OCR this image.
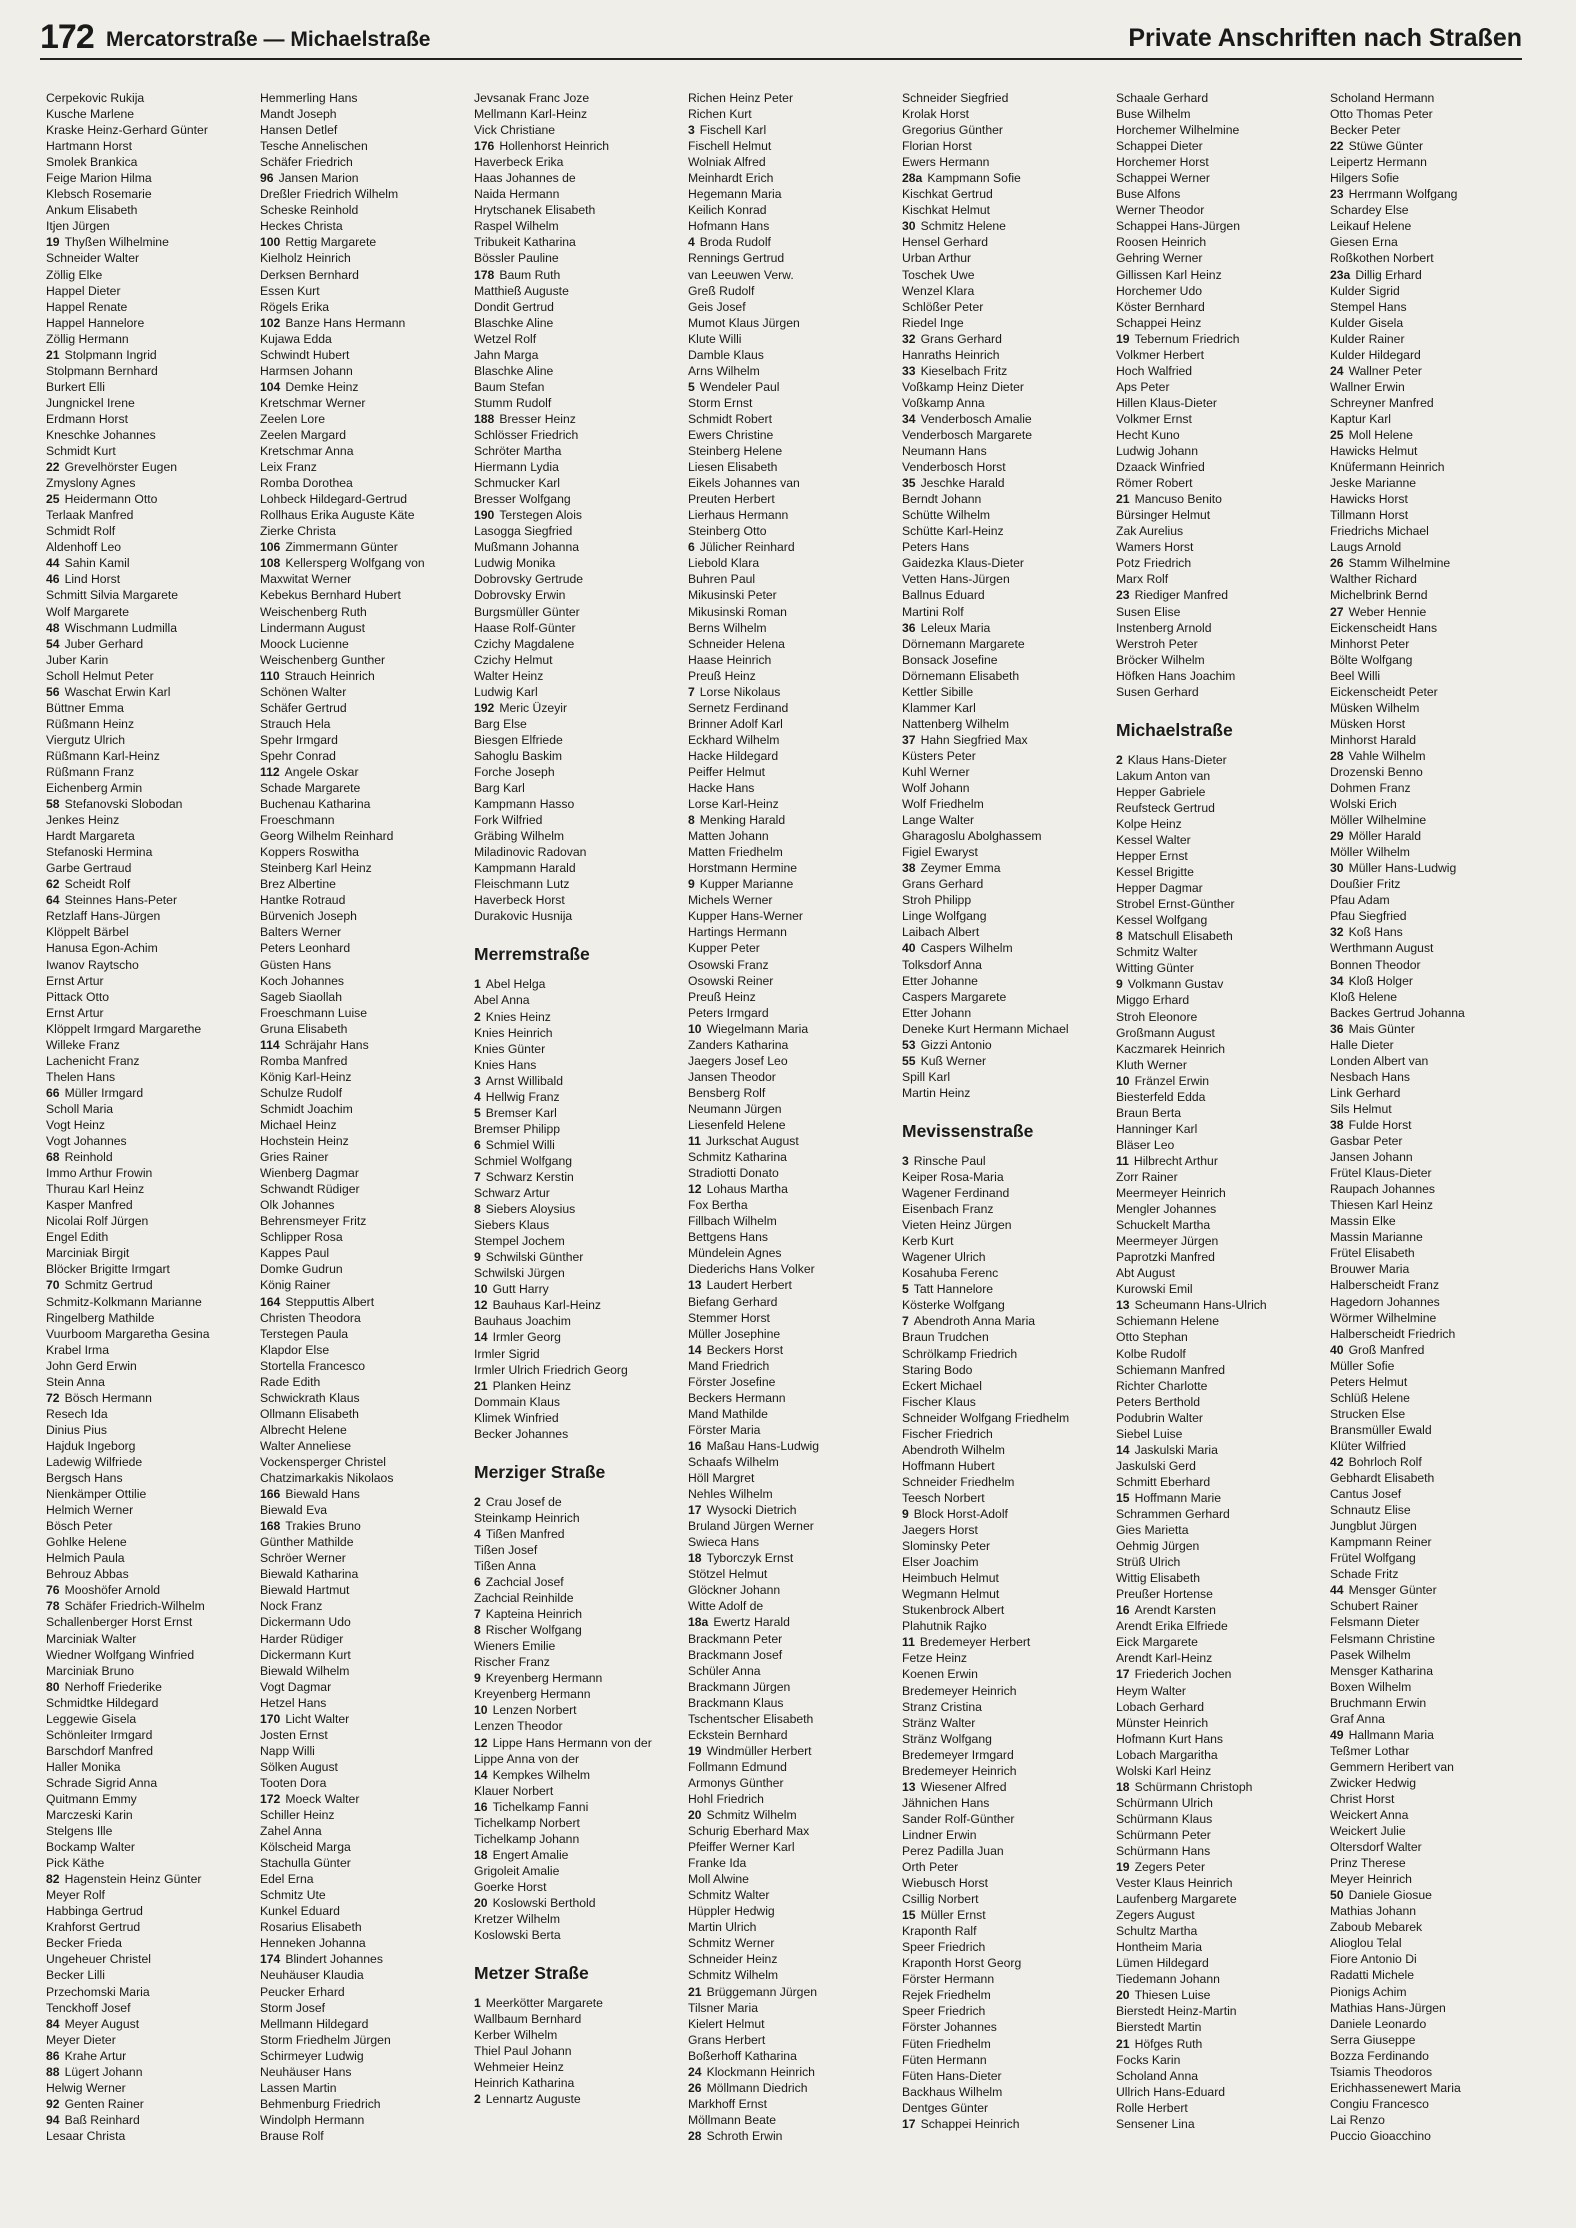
172 Mercatorstraße — Michaelstraße	Private Anschriften nach Straßen
Cerpekovic Rukija
Kusche Marlene
Kraske Heinz-Gerhard Günter
Hartmann Horst
Smolek Brankica
Feige Marion Hilma
Klebsch Rosemarie
Ankum Elisabeth
Itjen Jürgen
19 Thyßen Wilhelmine
Schneider Walter
Zöllig Elke
Happel Dieter
Happel Renate
Happel Hannelore
Zöllig Hermann
21 Stolpmann Ingrid
Stolpmann Bernhard
Burkert Elli
Jungnickel Irene
Erdmann Horst
Kneschke Johannes
Schmidt Kurt
22 Grevelhörster Eugen
Zmyslony Agnes
25 Heidermann Otto
Terlaak Manfred
Schmidt Rolf
Aldenhoff Leo
44 Sahin Kamil
46 Lind Horst
Schmitt Silvia Margarete
Wolf Margarete
48 Wischmann Ludmilla
54 Juber Gerhard
Juber Karin
Scholl Helmut Peter
56 Waschat Erwin Karl
Büttner Emma
Rüßmann Heinz
Viergutz Ulrich
Rüßmann Karl-Heinz
Rüßmann Franz
Eichenberg Armin
58 Stefanovski Slobodan
Jenkes Heinz
Hardt Margareta
Stefanoski Hermina
Garbe Gertraud
62 Scheidt Rolf
64 Steinnes Hans-Peter
Retzlaff Hans-Jürgen
Klöppelt Bärbel
Hanusa Egon-Achim
Iwanov Raytscho
Ernst Artur
Pittack Otto
Ernst Artur
Klöppelt Irmgard Margarethe
Willeke Franz
Lachenicht Franz
Thelen Hans
66 Müller Irmgard
Scholl Maria
Vogt Heinz
Vogt Johannes
68 Reinhold
Immo Arthur Frowin
Thurau Karl Heinz
Kasper Manfred
Nicolai Rolf Jürgen
Engel Edith
Marciniak Birgit
Blöcker Brigitte Irmgart
70 Schmitz Gertrud
Schmitz-Kolkmann Marianne
Ringelberg Mathilde
Vuurboom Margaretha Gesina
Krabel Irma
John Gerd Erwin
Stein Anna
72 Bösch Hermann
Resech Ida
Dinius Pius
Hajduk Ingeborg
Ladewig Wilfriede
Bergsch Hans
Nienkämper Ottilie
Helmich Werner
Bösch Peter
Gohlke Helene
Helmich Paula
Behrouz Abbas
76 Mooshöfer Arnold
78 Schäfer Friedrich-Wilhelm
Schallenberger Horst Ernst
Marciniak Walter
Wiedner Wolfgang Winfried
Marciniak Bruno
80 Nerhoff Friederike
Schmidtke Hildegard
Leggewie Gisela
Schönleiter Irmgard
Barschdorf Manfred
Haller Monika
Schrade Sigrid Anna
Quitmann Emmy
Marczeski Karin
Stelgens Ille
Bockamp Walter
Pick Käthe
82 Hagenstein Heinz Günter
Meyer Rolf
Habbinga Gertrud
Krahforst Gertrud
Becker Frieda
Ungeheuer Christel
Becker Lilli
Przechomski Maria
Tenckhoff Josef
84 Meyer August
Meyer Dieter
86 Krahe Artur
88 Lügert Johann
Helwig Werner
92 Genten Rainer
94 Baß Reinhard
Lesaar Christa
Hemmerling Hans
Mandt Joseph
Hansen Detlef
Tesche Annelischen
Schäfer Friedrich
96 Jansen Marion
Dreßler Friedrich Wilhelm
Scheske Reinhold
Heckes Christa
100 Rettig Margarete
Kielholz Heinrich
Derksen Bernhard
Essen Kurt
Rögels Erika
102 Banze Hans Hermann
Kujawa Edda
Schwindt Hubert
Harmsen Johann
104 Demke Heinz
Kretschmar Werner
Zeelen Lore
Zeelen Margard
Kretschmar Anna
Leix Franz
Romba Dorothea
Lohbeck Hildegard-Gertrud
Rollhaus Erika Auguste Käte
Zierke Christa
106 Zimmermann Günter
108 Kellersperg Wolfgang von
Maxwitat Werner
Kebekus Bernhard Hubert
Weischenberg Ruth
Lindermann August
Moock Lucienne
Weischenberg Gunther
110 Strauch Heinrich
Schönen Walter
Schäfer Gertrud
Strauch Hela
Spehr Irmgard
Spehr Conrad
112 Angele Oskar
Schade Margarete
Buchenau Katharina
Froeschmann
Georg Wilhelm Reinhard
Koppers Roswitha
Steinberg Karl Heinz
Brez Albertine
Hantke Rotraud
Bürvenich Joseph
Balters Werner
Peters Leonhard
Güsten Hans
Koch Johannes
Sageb Siaollah
Froeschmann Luise
Gruna Elisabeth
114 Schräjahr Hans
Romba Manfred
König Karl-Heinz
Schulze Rudolf
Schmidt Joachim
Michael Heinz
Hochstein Heinz
Gries Rainer
Wienberg Dagmar
Schwandt Rüdiger
Olk Johannes
Behrensmeyer Fritz
Schlipper Rosa
Kappes Paul
Domke Gudrun
König Rainer
164 Stepputtis Albert
Christen Theodora
Terstegen Paula
Klapdor Else
Stortella Francesco
Rade Edith
Schwickrath Klaus
Ollmann Elisabeth
Albrecht Helene
Walter Anneliese
Vockensperger Christel
Chatzimarkakis Nikolaos
166 Biewald Hans
Biewald Eva
168 Trakies Bruno
Günther Mathilde
Schröer Werner
Biewald Katharina
Biewald Hartmut
Nock Franz
Dickermann Udo
Harder Rüdiger
Dickermann Kurt
Biewald Wilhelm
Vogt Dagmar
Hetzel Hans
170 Licht Walter
Josten Ernst
Napp Willi
Sölken August
Tooten Dora
172 Moeck Walter
Schiller Heinz
Zahel Anna
Kölscheid Marga
Stachulla Günter
Edel Erna
Schmitz Ute
Kunkel Eduard
Rosarius Elisabeth
Henneken Johanna
174 Blindert Johannes
Neuhäuser Klaudia
Peucker Erhard
Storm Josef
Mellmann Hildegard
Storm Friedhelm Jürgen
Schirmeyer Ludwig
Neuhäuser Hans
Lassen Martin
Behmenburg Friedrich
Windolph Hermann
Brause Rolf
Jevsanak Franc Joze
Mellmann Karl-Heinz
Vick Christiane
176 Hollenhorst Heinrich
Haverbeck Erika
Haas Johannes de
Naida Hermann
Hrytschanek Elisabeth
Raspel Wilhelm
Tribukeit Katharina
Bössler Pauline
178 Baum Ruth
Matthieß Auguste
Dondit Gertrud
Blaschke Aline
Wetzel Rolf
Jahn Marga
Blaschke Aline
Baum Stefan
Stumm Rudolf
188 Bresser Heinz
Schlösser Friedrich
Schröter Martha
Hiermann Lydia
Schmucker Karl
Bresser Wolfgang
190 Terstegen Alois
Lasogga Siegfried
Mußmann Johanna
Ludwig Monika
Dobrovsky Gertrude
Dobrovsky Erwin
Burgsmüller Günter
Haase Rolf-Günter
Czichy Magdalene
Czichy Helmut
Walter Heinz
Ludwig Karl
192 Meric Üzeyir
Barg Else
Biesgen Elfriede
Sahoglu Baskim
Forche Joseph
Barg Karl
Kampmann Hasso
Fork Wilfried
Gräbing Wilhelm
Miladinovic Radovan
Kampmann Harald
Fleischmann Lutz
Haverbeck Horst
Durakovic Husnija
Merremstraße
1 Abel Helga
Abel Anna
2 Knies Heinz
Knies Heinrich
Knies Günter
Knies Hans
3 Arnst Willibald
4 Hellwig Franz
5 Bremser Karl
Bremser Philipp
6 Schmiel Willi
Schmiel Wolfgang
7 Schwarz Kerstin
Schwarz Artur
8 Siebers Aloysius
Siebers Klaus
Stempel Jochem
9 Schwilski Günther
Schwilski Jürgen
10 Gutt Harry
12 Bauhaus Karl-Heinz
Bauhaus Joachim
14 Irmler Georg
Irmler Sigrid
Irmler Ulrich Friedrich Georg
21 Planken Heinz
Dommain Klaus
Klimek Winfried
Becker Johannes
Merziger Straße
2 Crau Josef de
Steinkamp Heinrich
4 Tißen Manfred
Tißen Josef
Tißen Anna
6 Zachcial Josef
Zachcial Reinhilde
7 Kapteina Heinrich
8 Rischer Wolfgang
Wieners Emilie
Rischer Franz
9 Kreyenberg Hermann
Kreyenberg Hermann
10 Lenzen Norbert
Lenzen Theodor
12 Lippe Hans Hermann von der
Lippe Anna von der
14 Kempkes Wilhelm
Klauer Norbert
16 Tichelkamp Fanni
Tichelkamp Norbert
Tichelkamp Johann
18 Engert Amalie
Grigoleit Amalie
Goerke Horst
20 Koslowski Berthold
Kretzer Wilhelm
Koslowski Berta
Metzer Straße
1 Meerkötter Margarete
Wallbaum Bernhard
Kerber Wilhelm
Thiel Paul Johann
Wehmeier Heinz
Heinrich Katharina
2 Lennartz Auguste
Richen Heinz Peter
Richen Kurt
3 Fischell Karl
Fischell Helmut
Wolniak Alfred
Meinhardt Erich
Hegemann Maria
Keilich Konrad
Hofmann Hans
4 Broda Rudolf
Rennings Gertrud
van Leeuwen Verw.
Greß Rudolf
Geis Josef
Mumot Klaus Jürgen
Klute Willi
Damble Klaus
Arns Wilhelm
5 Wendeler Paul
Storm Ernst
Schmidt Robert
Ewers Christine
Steinberg Helene
Liesen Elisabeth
Eikels Johannes van
Preuten Herbert
Lierhaus Hermann
Steinberg Otto
6 Jülicher Reinhard
Liebold Klara
Buhren Paul
Mikusinski Peter
Mikusinski Roman
Berns Wilhelm
Schneider Helena
Haase Heinrich
Preuß Heinz
7 Lorse Nikolaus
Sernetz Ferdinand
Brinner Adolf Karl
Eckhard Wilhelm
Hacke Hildegard
Peiffer Helmut
Hacke Hans
Lorse Karl-Heinz
8 Menking Harald
Matten Johann
Matten Friedhelm
Horstmann Hermine
9 Kupper Marianne
Michels Werner
Kupper Hans-Werner
Hartings Hermann
Kupper Peter
Osowski Franz
Osowski Reiner
Preuß Heinz
Peters Irmgard
10 Wiegelmann Maria
Zanders Katharina
Jaegers Josef Leo
Jansen Theodor
Bensberg Rolf
Neumann Jürgen
Liesenfeld Helene
11 Jurkschat August
Schmitz Katharina
Stradiotti Donato
12 Lohaus Martha
Fox Bertha
Fillbach Wilhelm
Bettgens Hans
Mündelein Agnes
Diederichs Hans Volker
13 Laudert Herbert
Biefang Gerhard
Stemmer Horst
Müller Josephine
14 Beckers Horst
Mand Friedrich
Förster Josefine
Beckers Hermann
Mand Mathilde
Förster Maria
16 Maßau Hans-Ludwig
Schaafs Wilhelm
Höll Margret
Nehles Wilhelm
17 Wysocki Dietrich
Bruland Jürgen Werner
Swieca Hans
18 Tyborczyk Ernst
Stötzel Helmut
Glöckner Johann
Witte Adolf de
18a Ewertz Harald
Brackmann Peter
Brackmann Josef
Schüler Anna
Brackmann Jürgen
Brackmann Klaus
Tschentscher Elisabeth
Eckstein Bernhard
19 Windmüller Herbert
Follmann Edmund
Armonys Günther
Hohl Friedrich
20 Schmitz Wilhelm
Schurig Eberhard Max
Pfeiffer Werner Karl
Franke Ida
Moll Alwine
Schmitz Walter
Hüppler Hedwig
Martin Ulrich
Schmitz Werner
Schneider Heinz
Schmitz Wilhelm
21 Brüggemann Jürgen
Tilsner Maria
Kielert Helmut
Grans Herbert
Boßerhoff Katharina
24 Klockmann Heinrich
26 Möllmann Diedrich
Markhoff Ernst
Möllmann Beate
28 Schroth Erwin
Schneider Siegfried
Krolak Horst
Gregorius Günther
Florian Horst
Ewers Hermann
28a Kampmann Sofie
Kischkat Gertrud
Kischkat Helmut
30 Schmitz Helene
Hensel Gerhard
Urban Arthur
Toschek Uwe
Wenzel Klara
Schlößer Peter
Riedel Inge
32 Grans Gerhard
Hanraths Heinrich
33 Kieselbach Fritz
Voßkamp Heinz Dieter
Voßkamp Anna
34 Venderbosch Amalie
Venderbosch Margarete
Neumann Hans
Venderbosch Horst
35 Jeschke Harald
Berndt Johann
Schütte Wilhelm
Schütte Karl-Heinz
Peters Hans
Gaidezka Klaus-Dieter
Vetten Hans-Jürgen
Ballnus Eduard
Martini Rolf
36 Leleux Maria
Dörnemann Margarete
Bonsack Josefine
Dörnemann Elisabeth
Kettler Sibille
Klammer Karl
Nattenberg Wilhelm
37 Hahn Siegfried Max
Küsters Peter
Kuhl Werner
Wolf Johann
Wolf Friedhelm
Lange Walter
Gharagoslu Abolghassem
Figiel Ewaryst
38 Zeymer Emma
Grans Gerhard
Stroh Philipp
Linge Wolfgang
Laibach Albert
40 Caspers Wilhelm
Tolksdorf Anna
Etter Johanne
Caspers Margarete
Etter Johann
Deneke Kurt Hermann Michael
53 Gizzi Antonio
55 Kuß Werner
Spill Karl
Martin Heinz
Mevissenstraße
3 Rinsche Paul
Keiper Rosa-Maria
Wagener Ferdinand
Eisenbach Franz
Vieten Heinz Jürgen
Kerb Kurt
Wagener Ulrich
Kosahuba Ferenc
5 Tatt Hannelore
Kösterke Wolfgang
7 Abendroth Anna Maria
Braun Trudchen
Schrölkamp Friedrich
Staring Bodo
Eckert Michael
Fischer Klaus
Schneider Wolfgang Friedhelm
Fischer Friedrich
Abendroth Wilhelm
Hoffmann Hubert
Schneider Friedhelm
Teesch Norbert
9 Block Horst-Adolf
Jaegers Horst
Slominsky Peter
Elser Joachim
Heimbuch Helmut
Wegmann Helmut
Stukenbrock Albert
Plahutnik Rajko
11 Bredemeyer Herbert
Fetze Heinz
Koenen Erwin
Bredemeyer Heinrich
Stranz Cristina
Stränz Walter
Stränz Wolfgang
Bredemeyer Irmgard
Bredemeyer Heinrich
13 Wiesener Alfred
Jähnichen Hans
Sander Rolf-Günther
Lindner Erwin
Perez Padilla Juan
Orth Peter
Wiebusch Horst
Csillig Norbert
15 Müller Ernst
Kraponth Ralf
Speer Friedrich
Kraponth Horst Georg
Förster Hermann
Rejek Friedhelm
Speer Friedrich
Förster Johannes
Füten Friedhelm
Füten Hermann
Füten Hans-Dieter
Backhaus Wilhelm
Dentges Günter
17 Schappei Heinrich
Schaale Gerhard
Buse Wilhelm
Horchemer Wilhelmine
Schappei Dieter
Horchemer Horst
Schappei Werner
Buse Alfons
Werner Theodor
Schappei Hans-Jürgen
Roosen Heinrich
Gehring Werner
Gillissen Karl Heinz
Horchemer Udo
Köster Bernhard
Schappei Heinz
19 Tebernum Friedrich
Volkmer Herbert
Hoch Walfried
Aps Peter
Hillen Klaus-Dieter
Volkmer Ernst
Hecht Kuno
Ludwig Johann
Dzaack Winfried
Römer Robert
21 Mancuso Benito
Bürsinger Helmut
Zak Aurelius
Wamers Horst
Potz Friedrich
Marx Rolf
23 Riediger Manfred
Susen Elise
Instenberg Arnold
Werstroh Peter
Bröcker Wilhelm
Höfken Hans Joachim
Susen Gerhard
Michaelstraße
2 Klaus Hans-Dieter
Lakum Anton van
Hepper Gabriele
Reufsteck Gertrud
Kolpe Heinz
Kessel Walter
Hepper Ernst
Kessel Brigitte
Hepper Dagmar
Strobel Ernst-Günther
Kessel Wolfgang
8 Matschull Elisabeth
Schmitz Walter
Witting Günter
9 Volkmann Gustav
Miggo Erhard
Stroh Eleonore
Großmann August
Kaczmarek Heinrich
Kluth Werner
10 Fränzel Erwin
Biesterfeld Edda
Braun Berta
Hanninger Karl
Bläser Leo
11 Hilbrecht Arthur
Zorr Rainer
Meermeyer Heinrich
Mengler Johannes
Schuckelt Martha
Meermeyer Jürgen
Paprotzki Manfred
Abt August
Kurowski Emil
13 Scheumann Hans-Ulrich
Schiemann Helene
Otto Stephan
Kolbe Rudolf
Schiemann Manfred
Richter Charlotte
Peters Berthold
Podubrin Walter
Siebel Luise
14 Jaskulski Maria
Jaskulski Gerd
Schmitt Eberhard
15 Hoffmann Marie
Schrammen Gerhard
Gies Marietta
Oehmig Jürgen
Strüß Ulrich
Wittig Elisabeth
Preußer Hortense
16 Arendt Karsten
Arendt Erika Elfriede
Eick Margarete
Arendt Karl-Heinz
17 Friederich Jochen
Heym Walter
Lobach Gerhard
Münster Heinrich
Hofmann Kurt Hans
Lobach Margaritha
Wolski Karl Heinz
18 Schürmann Christoph
Schürmann Ulrich
Schürmann Klaus
Schürmann Peter
Schürmann Hans
19 Zegers Peter
Vester Klaus Heinrich
Laufenberg Margarete
Zegers August
Schultz Martha
Hontheim Maria
Lümen Hildegard
Tiedemann Johann
20 Thiesen Luise
Bierstedt Heinz-Martin
Bierstedt Martin
21 Höfges Ruth
Focks Karin
Scholand Anna
Ullrich Hans-Eduard
Rolle Herbert
Sensener Lina
Scholand Hermann
Otto Thomas Peter
Becker Peter
22 Stüwe Günter
Leipertz Hermann
Hilgers Sofie
23 Herrmann Wolfgang
Schardey Else
Leikauf Helene
Giesen Erna
Roßkothen Norbert
23a Dillig Erhard
Kulder Sigrid
Stempel Hans
Kulder Gisela
Kulder Rainer
Kulder Hildegard
24 Wallner Peter
Wallner Erwin
Schreyner Manfred
Kaptur Karl
25 Moll Helene
Hawicks Helmut
Knüfermann Heinrich
Jeske Marianne
Hawicks Horst
Tillmann Horst
Friedrichs Michael
Laugs Arnold
26 Stamm Wilhelmine
Walther Richard
Michelbrink Bernd
27 Weber Hennie
Eickenscheidt Hans
Minhorst Peter
Bölte Wolfgang
Beel Willi
Eickenscheidt Peter
Müsken Wilhelm
Müsken Horst
Minhorst Harald
28 Vahle Wilhelm
Drozenski Benno
Dohmen Franz
Wolski Erich
Möller Wilhelmine
29 Möller Harald
Möller Wilhelm
30 Müller Hans-Ludwig
Doußier Fritz
Pfau Adam
Pfau Siegfried
32 Koß Hans
Werthmann August
Bonnen Theodor
34 Kloß Holger
Kloß Helene
Backes Gertrud Johanna
36 Mais Günter
Halle Dieter
Londen Albert van
Nesbach Hans
Link Gerhard
Sils Helmut
38 Fulde Horst
Gasbar Peter
Jansen Johann
Frütel Klaus-Dieter
Raupach Johannes
Thiesen Karl Heinz
Massin Elke
Massin Marianne
Frütel Elisabeth
Brouwer Maria
Halberscheidt Franz
Hagedorn Johannes
Wörmer Wilhelmine
Halberscheidt Friedrich
40 Groß Manfred
Müller Sofie
Peters Helmut
Schlüß Helene
Strucken Else
Bransmüller Ewald
Klüter Wilfried
42 Bohrloch Rolf
Gebhardt Elisabeth
Cantus Josef
Schnautz Elise
Jungblut Jürgen
Kampmann Reiner
Frütel Wolfgang
Schade Fritz
44 Mensger Günter
Schubert Rainer
Felsmann Dieter
Felsmann Christine
Pasek Wilhelm
Mensger Katharina
Boxen Wilhelm
Bruchmann Erwin
Graf Anna
49 Hallmann Maria
Teßmer Lothar
Gemmern Heribert van
Zwicker Hedwig
Christ Horst
Weickert Anna
Weickert Julie
Oltersdorf Walter
Prinz Therese
Meyer Heinrich
50 Daniele Giosue
Mathias Johann
Zaboub Mebarek
Alioglou Telal
Fiore Antonio Di
Radatti Michele
Pionigs Achim
Mathias Hans-Jürgen
Daniele Leonardo
Serra Giuseppe
Bozza Ferdinando
Tsiamis Theodoros
Erichhassenewert Maria
Congiu Francesco
Lai Renzo
Puccio Gioacchino
